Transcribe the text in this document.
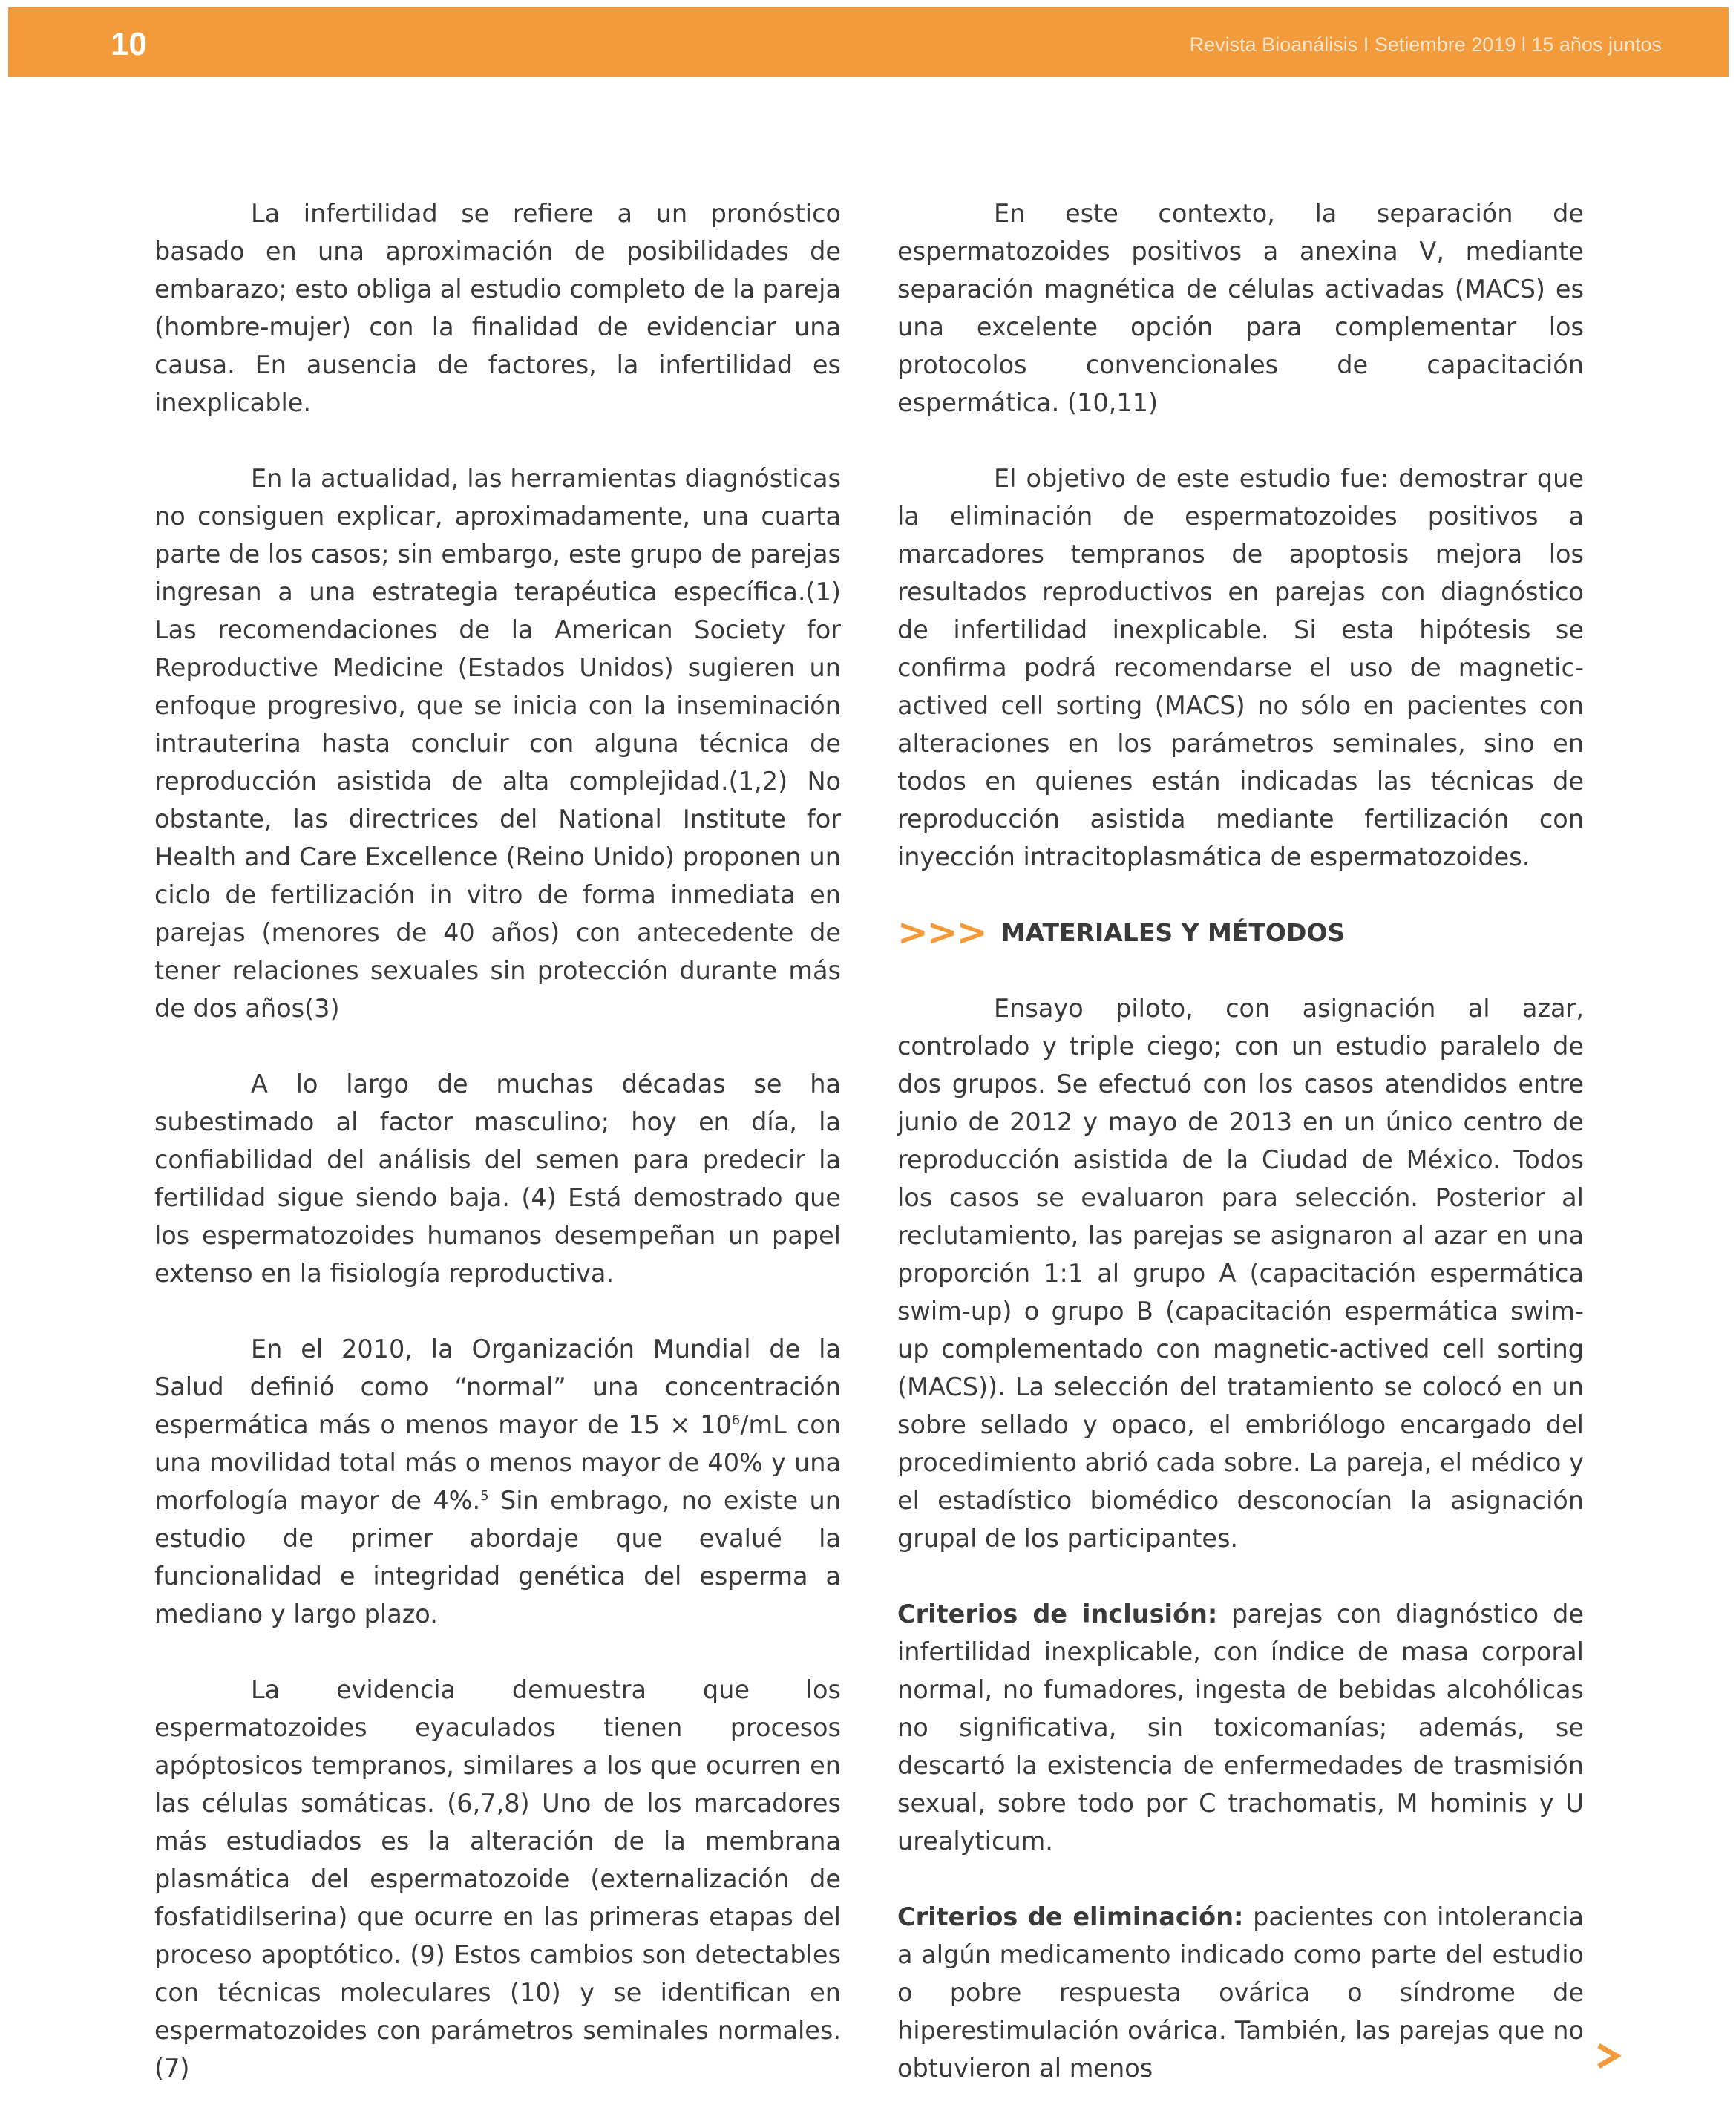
10	Revista Bioanálisis I Setiembre 2019 l 15 años juntos

La infertilidad se refiere a un pronóstico basado en una aproximación de posibilidades de embarazo; esto obliga al estudio completo de la pareja (hombre-mujer) con la finalidad de evidenciar una causa. En ausencia de factores, la infertilidad es inexplicable.

En la actualidad, las herramientas diagnósticas no consiguen explicar, aproximadamente, una cuarta parte de los casos; sin embargo, este grupo de parejas ingresan a una estrategia terapéutica específica.(1) Las recomendaciones de la American Society for Reproductive Medicine (Estados Unidos) sugieren un enfoque progresivo, que se inicia con la inseminación intrauterina hasta concluir con alguna técnica de reproducción asistida de alta complejidad.(1,2) No obstante, las directrices del National Institute for Health and Care Excellence (Reino Unido) proponen un ciclo de fertilización in vitro de forma inmediata en parejas (menores de 40 años) con antecedente de tener relaciones sexuales sin protección durante más de dos años(3)

A lo largo de muchas décadas se ha subestimado al factor masculino; hoy en día, la confiabilidad del análisis del semen para predecir la fertilidad sigue siendo baja. (4) Está demostrado que los espermatozoides humanos desempeñan un papel extenso en la fisiología reproductiva.

En el 2010, la Organización Mundial de la Salud definió como “normal” una concentración espermática más o menos mayor de $15 \times 10^6/mL$ con una movilidad total más o menos mayor de 40% y una morfología mayor de 4%.$^5$ Sin embrago, no existe un estudio de primer abordaje que evalué la funcionalidad e integridad genética del esperma a mediano y largo plazo.

La evidencia demuestra que los espermatozoides eyaculados tienen procesos apóptosicos tempranos, similares a los que ocurren en las células somáticas. (6,7,8) Uno de los marcadores más estudiados es la alteración de la membrana plasmática del espermatozoide (externalización de fosfatidilserina) que ocurre en las primeras etapas del proceso apoptótico. (9) Estos cambios son detectables con técnicas moleculares (10) y se identifican en espermatozoides con parámetros seminales normales. (7)

En este contexto, la separación de espermatozoides positivos a anexina V, mediante separación magnética de células activadas (MACS) es una excelente opción para complementar los protocolos convencionales de capacitación espermática. (10,11)

El objetivo de este estudio fue: demostrar que la eliminación de espermatozoides positivos a marcadores tempranos de apoptosis mejora los resultados reproductivos en parejas con diagnóstico de infertilidad inexplicable. Si esta hipótesis se confirma podrá recomendarse el uso de magnetic-actived cell sorting (MACS) no sólo en pacientes con alteraciones en los parámetros seminales, sino en todos en quienes están indicadas las técnicas de reproducción asistida mediante fertilización con inyección intracitoplasmática de espermatozoides.

>>> MATERIALES Y MÉTODOS

Ensayo piloto, con asignación al azar, controlado y triple ciego; con un estudio paralelo de dos grupos. Se efectuó con los casos atendidos entre junio de 2012 y mayo de 2013 en un único centro de reproducción asistida de la Ciudad de México. Todos los casos se evaluaron para selección. Posterior al reclutamiento, las parejas se asignaron al azar en una proporción 1:1 al grupo A (capacitación espermática swim-up) o grupo B (capacitación espermática swim-up complementado con magnetic-actived cell sorting (MACS)). La selección del tratamiento se colocó en un sobre sellado y opaco, el embriólogo encargado del procedimiento abrió cada sobre. La pareja, el médico y el estadístico biomédico desconocían la asignación grupal de los participantes.

Criterios de inclusión: parejas con diagnóstico de infertilidad inexplicable, con índice de masa corporal normal, no fumadores, ingesta de bebidas alcohólicas no significativa, sin toxicomanías; además, se descartó la existencia de enfermedades de trasmisión sexual, sobre todo por C trachomatis, M hominis y U urealyticum.

Criterios de eliminación: pacientes con intolerancia a algún medicamento indicado como parte del estudio o pobre respuesta ovárica o síndrome de hiperestimulación ovárica. También, las parejas que no obtuvieron al menos
